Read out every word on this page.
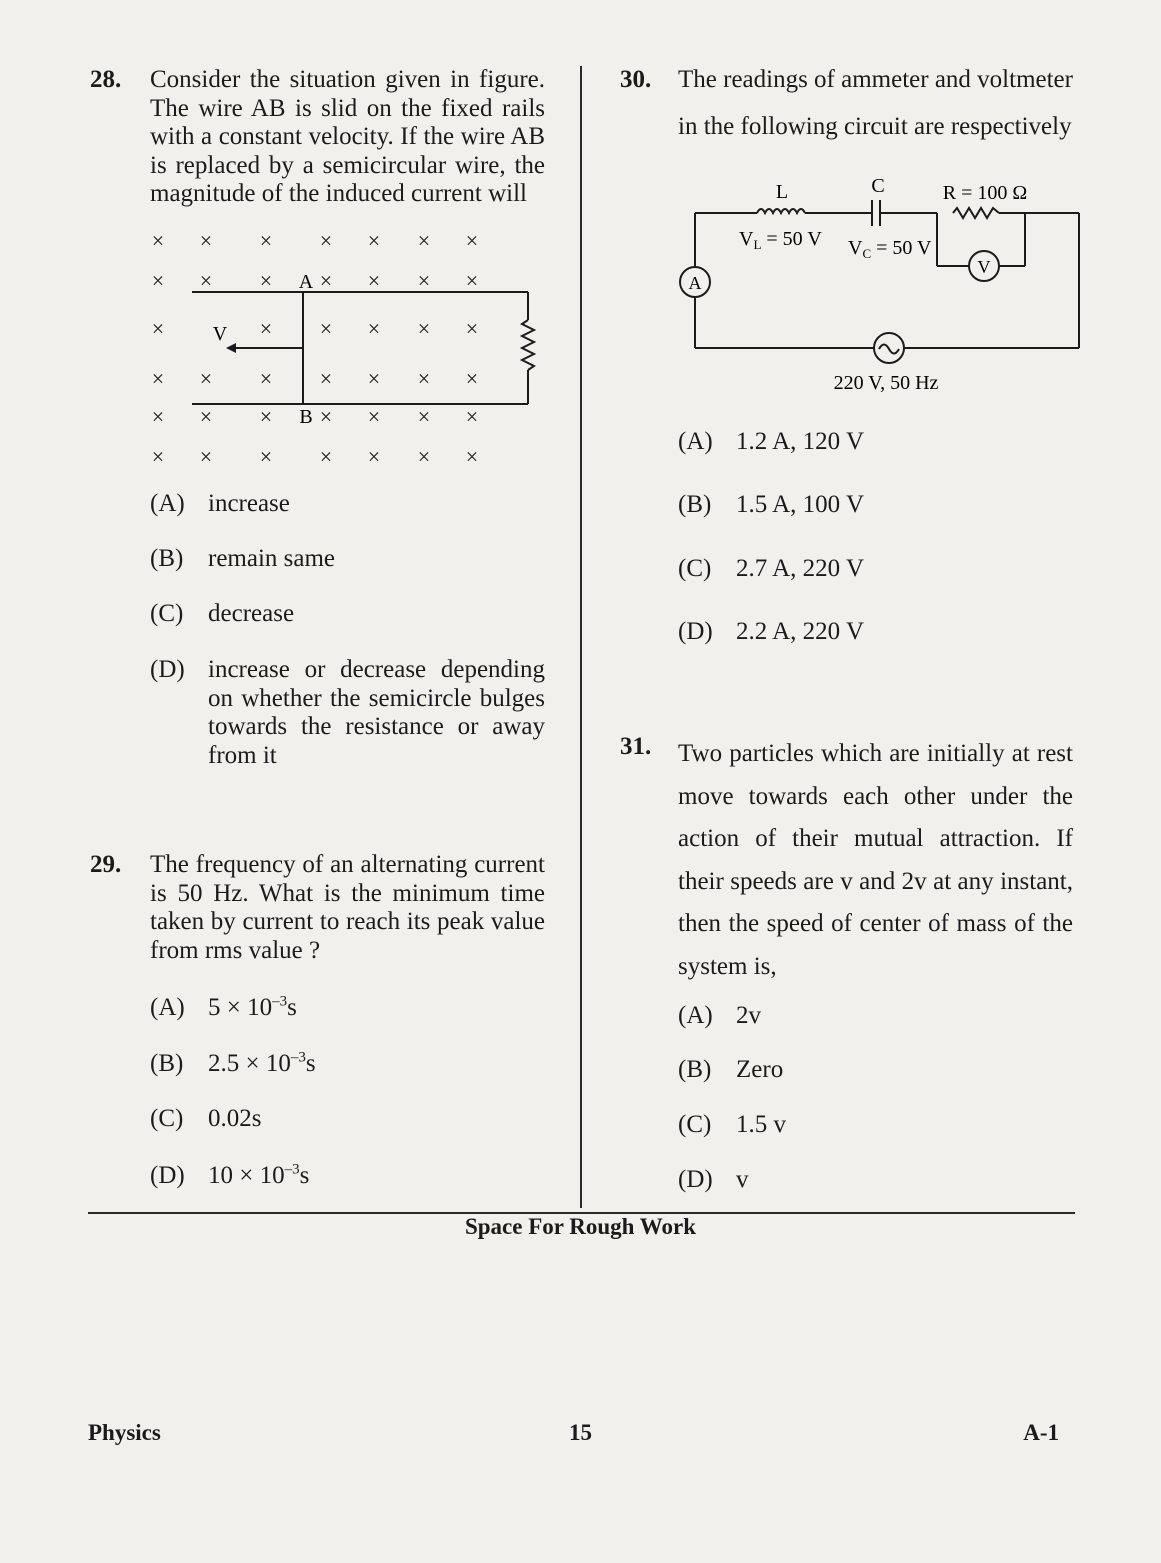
Space For Rough Work
28. Consider the situation given in figure. The wire AB is slid on the fixed rails with a constant velocity. If the wire AB is replaced by a semicircular wire, the magnitude of the induced current will
× × × × × × ×
× × × × × × ×
×	× × × × ×
× × × × × × ×
× × × × × × ×
× × × × × × ×
V
A
B
(A) increase
(B) remain same
(C) decrease
(D) increase or decrease depending on whether the semicircle bulges towards the resistance or away from it
29. The frequency of an alternating current is 50 Hz. What is the minimum time taken by current to reach its peak value from rms value ?
(A) $5 \times 10^{-3}s$
(B) $2.5 \times 10^{-3}s$
(C) 0.02s
(D) $10 \times 10^{-3}s$
30. The readings of ammeter and voltmeter
in the following circuit are respectively
V
A
L	C	R = 100 Ω
$V_L = 50$ V $V_C = 50$ V
220 V, 50 Hz
(A) 1.2 A, 120 V
(B) 1.5 A, 100 V
(C) 2.7 A, 220 V
(D) 2.2 A, 220 V
31. Two particles which are initially at rest move towards each other under the action of their mutual attraction. If their speeds are v and 2v at any instant, then the speed of center of mass of the system is,
(A) 2v
(B) Zero
(C) 1.5 v
(D) v
Physics	15	A-1
